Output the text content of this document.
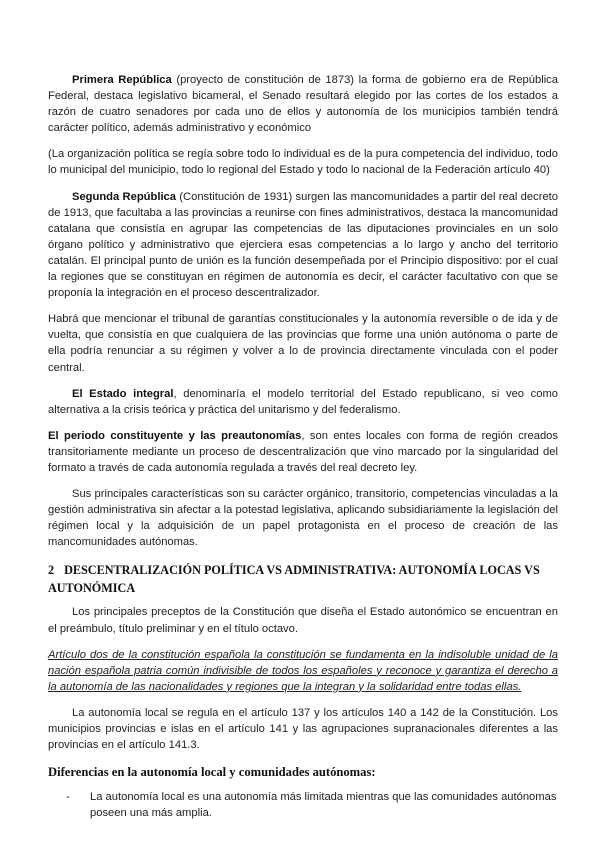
Primera República (proyecto de constitución de 1873) la forma de gobierno era de República Federal, destaca legislativo bicameral, el Senado resultará elegido por las cortes de los estados a razón de cuatro senadores por cada uno de ellos y autonomía de los municipios también tendrá carácter político, además administrativo y económico

(La organización política se regía sobre todo lo individual es de la pura competencia del individuo, todo lo municipal del municipio, todo lo regional del Estado y todo lo nacional de la Federación artículo 40)

Segunda República (Constitución de 1931) surgen las mancomunidades a partir del real decreto de 1913, que facultaba a las provincias a reunirse con fines administrativos, destaca la mancomunidad catalana que consistía en agrupar las competencias de las diputaciones provinciales en un solo órgano político y administrativo que ejerciera esas competencias a lo largo y ancho del territorio catalán. El principal punto de unión es la función desempeñada por el Principio dispositivo: por el cual la regiones que se constituyan en régimen de autonomía es decir, el carácter facultativo con que se proponía la integración en el proceso descentralizador.

Habrá que mencionar el tribunal de garantías constitucionales y la autonomía reversible o de ida y de vuelta, que consistía en que cualquiera de las provincias que forme una unión autónoma o parte de ella podría renunciar a su régimen y volver a lo de provincia directamente vinculada con el poder central.

El Estado integral, denominaría el modelo territorial del Estado republicano, si veo como alternativa a la crisis teórica y práctica del unitarismo y del federalismo.

El periodo constituyente y las preautonomías, son entes locales con forma de región creados transitoriamente mediante un proceso de descentralización que vino marcado por la singularidad del formato a través de cada autonomía regulada a través del real decreto ley.

Sus principales características son su carácter orgánico, transitorio, competencias vinculadas a la gestión administrativa sin afectar a la potestad legislativa, aplicando subsidiariamente la legislación del régimen local y la adquisición de un papel protagonista en el proceso de creación de las mancomunidades autónomas.

2 DESCENTRALIZACIÓN POLÍTICA VS ADMINISTRATIVA: AUTONOMÍA LOCAS VS AUTONÓMICA

Los principales preceptos de la Constitución que diseña el Estado autonómico se encuentran en el preámbulo, título preliminar y en el título octavo.

Artículo dos de la constitución española la constitución se fundamenta en la indisoluble unidad de la nación española patria común indivisible de todos los españoles y reconoce y garantiza el derecho a la autonomía de las nacionalidades y regiones que la integran y la solidaridad entre todas ellas.

La autonomía local se regula en el artículo 137 y los artículos 140 a 142 de la Constitución. Los municipios provincias e islas en el artículo 141 y las agrupaciones supranacionales diferentes a las provincias en el artículo 141.3.

Diferencias en la autonomía local y comunidades autónomas:
-	La autonomía local es una autonomía más limitada mientras que las comunidades autónomas poseen una más amplia.
